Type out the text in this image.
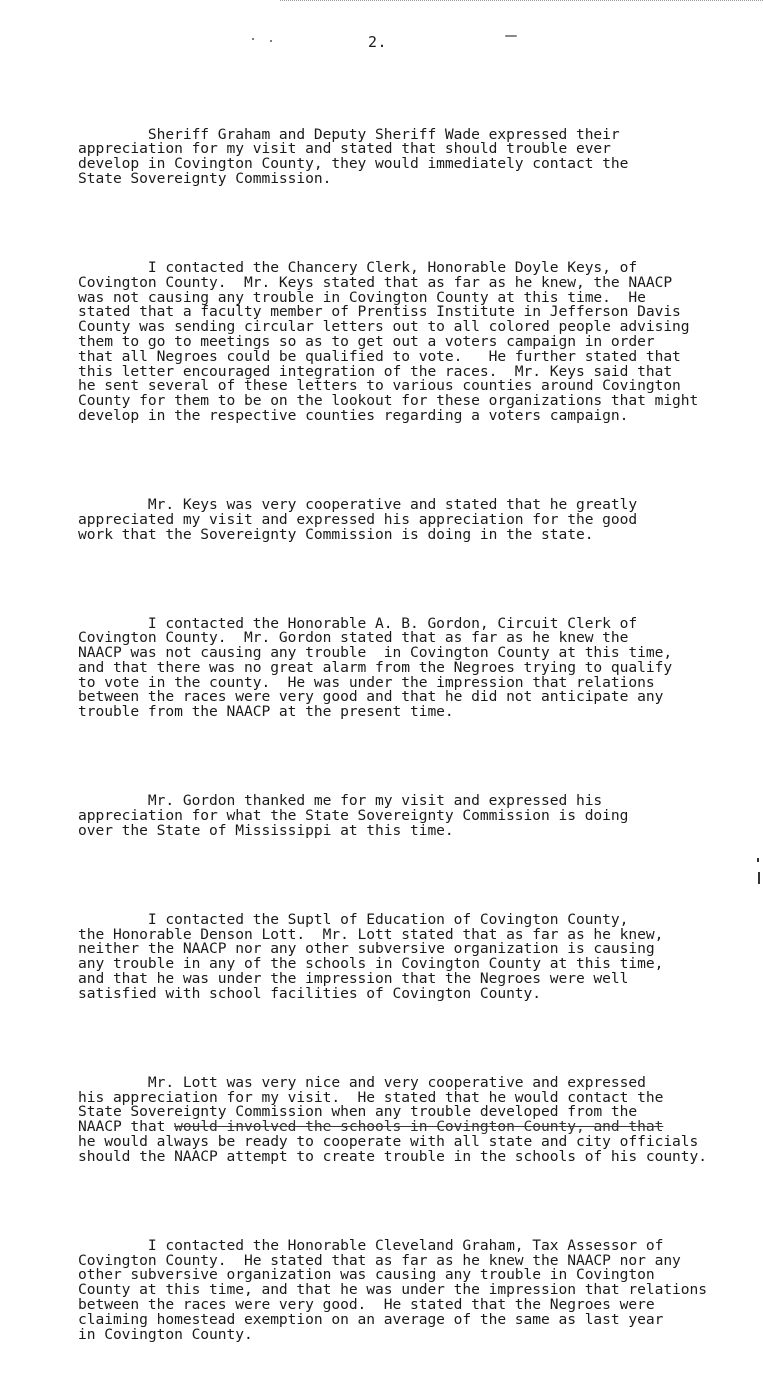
2.

Sheriff Graham and Deputy Sheriff Wade expressed their
appreciation for my visit and stated that should trouble ever
develop in Covington County, they would immediately contact the
State Sovereignty Commission.

I contacted the Chancery Clerk, Honorable Doyle Keys, of
Covington County.  Mr. Keys stated that as far as he knew, the NAACP
was not causing any trouble in Covington County at this time.  He
stated that a faculty member of Prentiss Institute in Jefferson Davis
County was sending circular letters out to all colored people advising
them to go to meetings so as to get out a voters campaign in order
that all Negroes could be qualified to vote.   He further stated that
this letter encouraged integration of the races.  Mr. Keys said that
he sent several of these letters to various counties around Covington
County for them to be on the lookout for these organizations that might
develop in the respective counties regarding a voters campaign.

Mr. Keys was very cooperative and stated that he greatly
appreciated my visit and expressed his appreciation for the good
work that the Sovereignty Commission is doing in the state.

I contacted the Honorable A. B. Gordon, Circuit Clerk of
Covington County.  Mr. Gordon stated that as far as he knew the
NAACP was not causing any trouble  in Covington County at this time,
and that there was no great alarm from the Negroes trying to qualify
to vote in the county.  He was under the impression that relations
between the races were very good and that he did not anticipate any
trouble from the NAACP at the present time.

Mr. Gordon thanked me for my visit and expressed his
appreciation for what the State Sovereignty Commission is doing
over the State of Mississippi at this time.

I contacted the Suptl of Education of Covington County,
the Honorable Denson Lott.  Mr. Lott stated that as far as he knew,
neither the NAACP nor any other subversive organization is causing
any trouble in any of the schools in Covington County at this time,
and that he was under the impression that the Negroes were well
satisfied with school facilities of Covington County.

Mr. Lott was very nice and very cooperative and expressed
his appreciation for my visit.  He stated that he would contact the
State Sovereignty Commission when any trouble developed from the
NAACP that would involved the schools in Covington County, and that
he would always be ready to cooperate with all state and city officials
should the NAACP attempt to create trouble in the schools of his county.

I contacted the Honorable Cleveland Graham, Tax Assessor of
Covington County.  He stated that as far as he knew the NAACP nor any
other subversive organization was causing any trouble in Covington
County at this time, and that he was under the impression that relations
between the races were very good.  He stated that the Negroes were
claiming homestead exemption on an average of the same as last year
in Covington County.
